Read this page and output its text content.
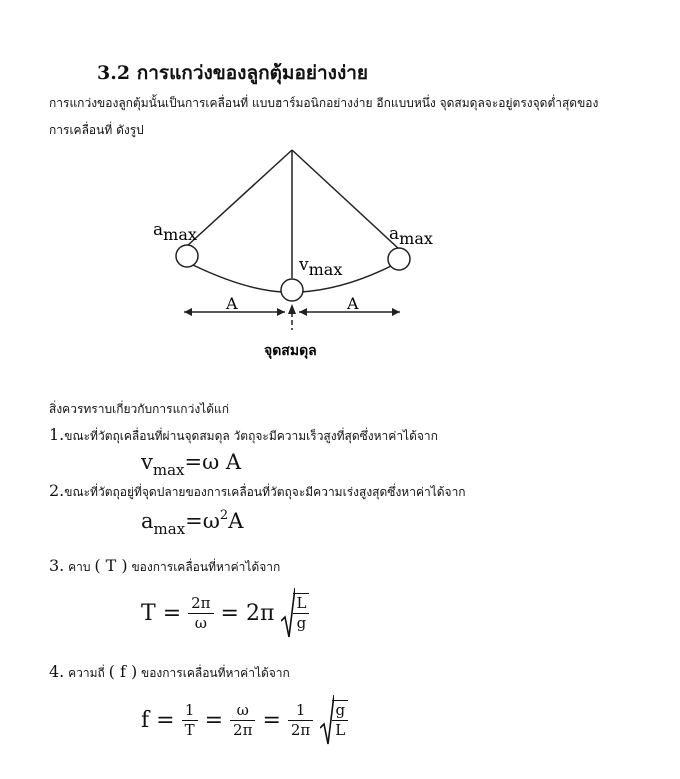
3.2 การแกว่งของลูกตุ้มอย่างง่าย
การแกว่งของลูกตุ้มนั้นเป็นการเคลื่อนที่ แบบฮาร์มอนิกอย่างง่าย อีกแบบหนึ่ง จุดสมดุลจะอยู่ตรงจุดต่ำสุดของ
การเคลื่อนที่ ดังรูป
amax	amax
vmax
A	A
จุดสมดุล
สิ่งควรทราบเกี่ยวกับการแกว่งได้แก่
1.ขณะที่วัตถุเคลื่อนที่ผ่านจุดสมดุล วัตถุจะมีความเร็วสูงที่สุดซึ่งหาค่าได้จาก
$v_{max}=\omega$ A
2.ขณะที่วัตถุอยู่ที่จุดปลายของการเคลื่อนที่วัตถุจะมีความเร่งสูงสุดซึ่งหาค่าได้จาก
$a_{max}=\omega^2A$
3. คาบ ( T ) ของการเคลื่อนที่หาค่าได้จาก
$T = \frac{2\pi}{\omega} = 2\pi \frac{L}{g}$
4. ความถี่ ( f ) ของการเคลื่อนที่หาค่าได้จาก
$f = \frac{1}{T} = \frac{\omega}{2\pi} = \frac{1}{2\pi} \frac{g}{L}$
